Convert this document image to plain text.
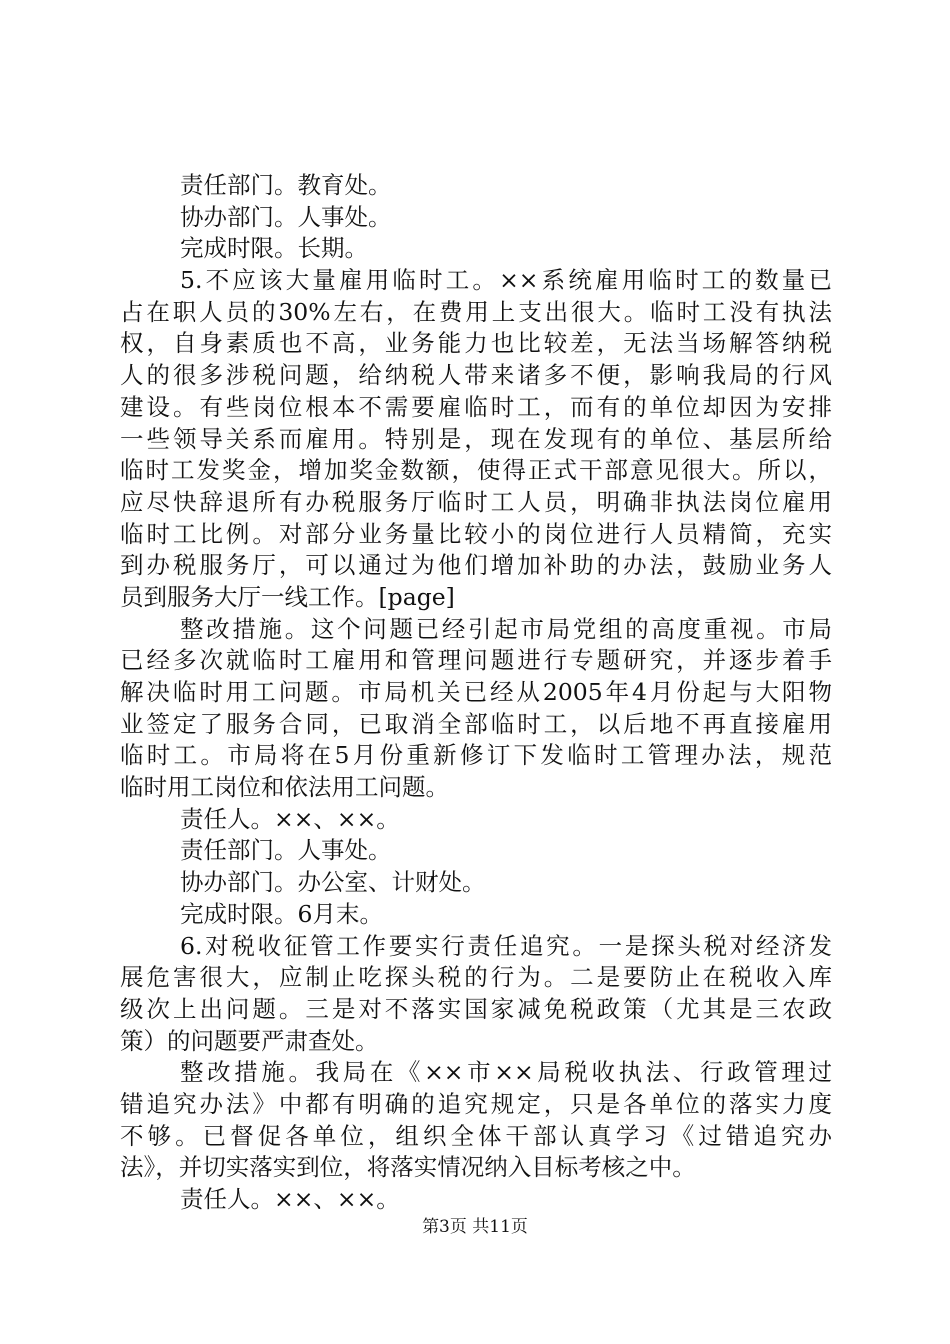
责任部门。教育处。
协办部门。人事处。
完成时限。长期。
5.不应该大量雇用临时工。××系统雇用临时工的数量已
占在职人员的30%左右，在费用上支出很大。临时工没有执法
权，自身素质也不高，业务能力也比较差，无法当场解答纳税
人的很多涉税问题，给纳税人带来诸多不便，影响我局的行风
建设。有些岗位根本不需要雇临时工，而有的单位却因为安排
一些领导关系而雇用。特别是，现在发现有的单位、基层所给
临时工发奖金，增加奖金数额，使得正式干部意见很大。所以，
应尽快辞退所有办税服务厅临时工人员，明确非执法岗位雇用
临时工比例。对部分业务量比较小的岗位进行人员精简，充实
到办税服务厅，可以通过为他们增加补助的办法，鼓励业务人
员到服务大厅一线工作。[page]
整改措施。这个问题已经引起市局党组的高度重视。市局
已经多次就临时工雇用和管理问题进行专题研究，并逐步着手
解决临时用工问题。市局机关已经从2005年4月份起与大阳物
业签定了服务合同，已取消全部临时工，以后地不再直接雇用
临时工。市局将在5月份重新修订下发临时工管理办法，规范
临时用工岗位和依法用工问题。
责任人。××、××。
责任部门。人事处。
协办部门。办公室、计财处。
完成时限。6月末。
6.对税收征管工作要实行责任追究。一是探头税对经济发
展危害很大，应制止吃探头税的行为。二是要防止在税收入库
级次上出问题。三是对不落实国家减免税政策（尤其是三农政
策）的问题要严肃查处。
整改措施。我局在《××市××局税收执法、行政管理过
错追究办法》中都有明确的追究规定，只是各单位的落实力度
不够。已督促各单位，组织全体干部认真学习《过错追究办
法》，并切实落实到位，将落实情况纳入目标考核之中。
责任人。××、××。
第3页 共11页
